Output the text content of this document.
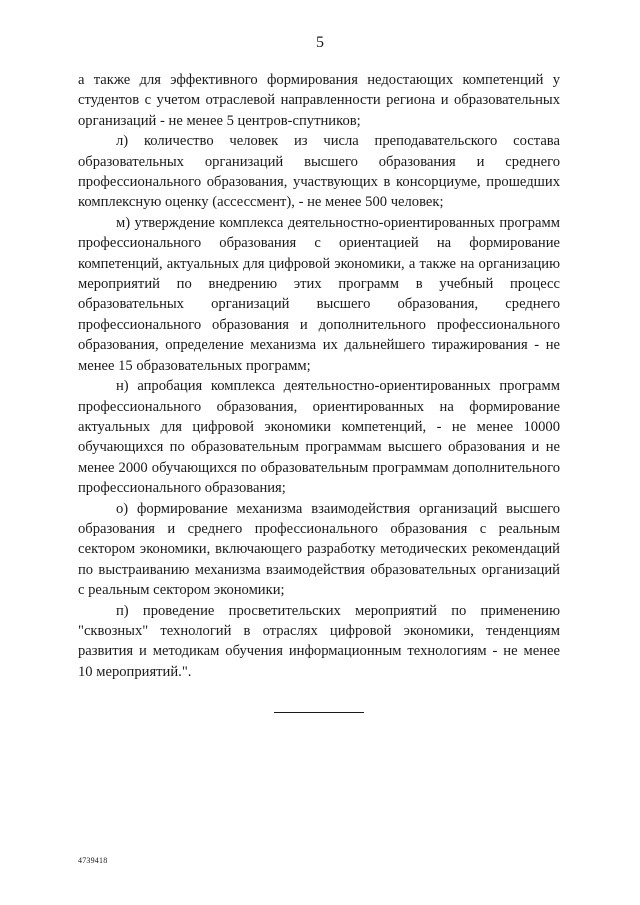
5

а также для эффективного формирования недостающих компетенций у студентов с учетом отраслевой направленности региона и образовательных организаций - не менее 5 центров-спутников;

л) количество человек из числа преподавательского состава образовательных организаций высшего образования и среднего профессионального образования, участвующих в консорциуме, прошедших комплексную оценку (ассессмент), - не менее 500 человек;

м) утверждение комплекса деятельностно-ориентированных программ профессионального образования с ориентацией на формирование компетенций, актуальных для цифровой экономики, а также на организацию мероприятий по внедрению этих программ в учебный процесс образовательных организаций высшего образования, среднего профессионального образования и дополнительного профессионального образования, определение механизма их дальнейшего тиражирования - не менее 15 образовательных программ;

н) апробация комплекса деятельностно-ориентированных программ профессионального образования, ориентированных на формирование актуальных для цифровой экономики компетенций, - не менее 10000 обучающихся по образовательным программам высшего образования и не менее 2000 обучающихся по образовательным программам дополнительного профессионального образования;

о) формирование механизма взаимодействия организаций высшего образования и среднего профессионального образования с реальным сектором экономики, включающего разработку методических рекомендаций по выстраиванию механизма взаимодействия образовательных организаций с реальным сектором экономики;

п) проведение просветительских мероприятий по применению "сквозных" технологий в отраслях цифровой экономики, тенденциям развития и методикам обучения информационным технологиям - не менее 10 мероприятий.".

4739418
